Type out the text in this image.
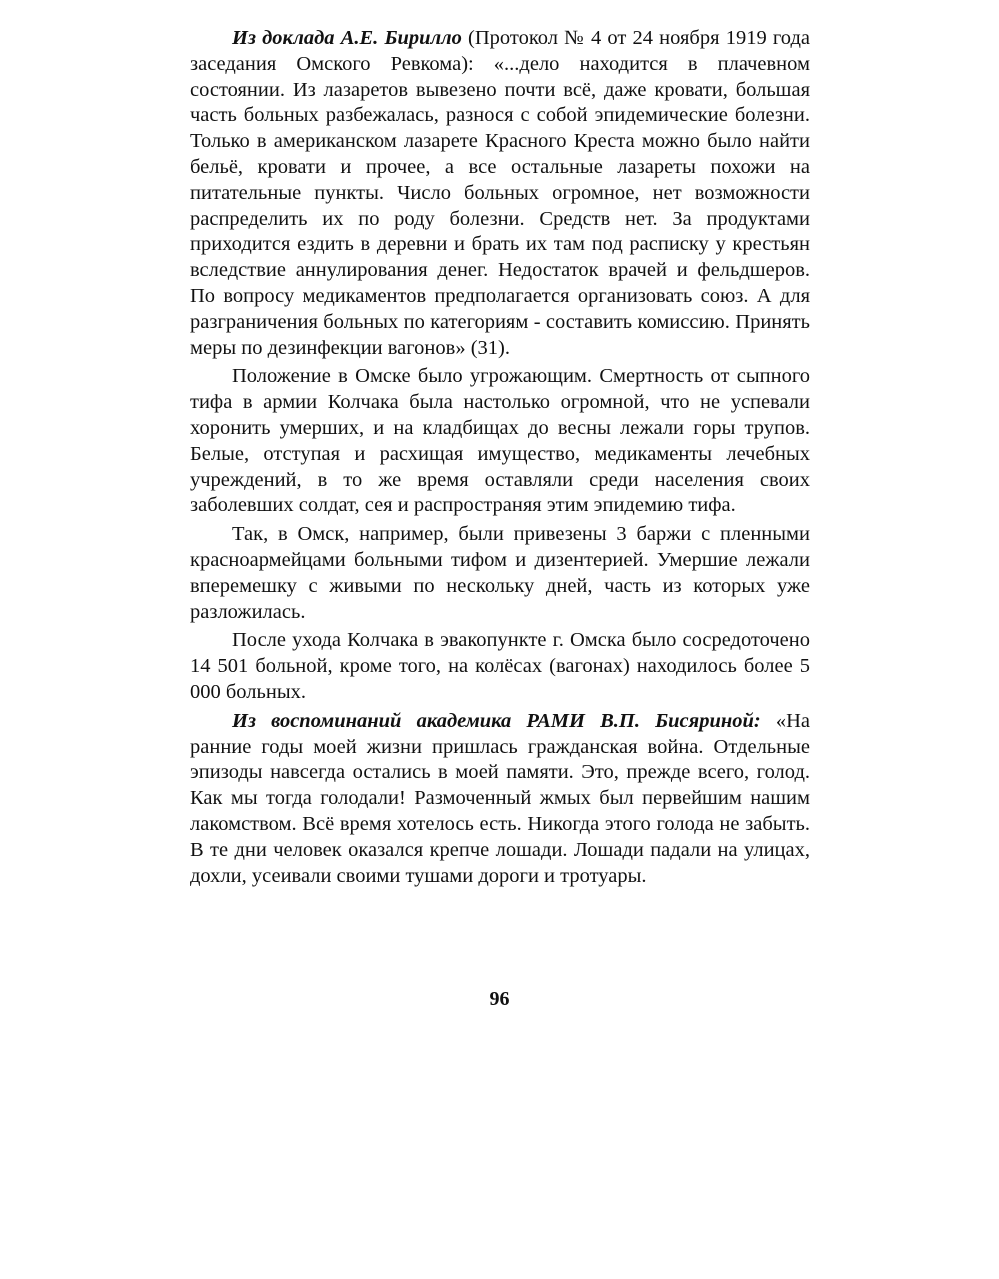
Из доклада А.Е. Бирилло (Протокол № 4 от 24 ноября 1919 года заседания Омского Ревкома): «...дело находится в плачевном состоянии. Из лазаретов вывезено почти всё, даже кровати, большая часть больных разбежалась, разнося с собой эпидемические болезни. Только в американском лазарете Красного Креста можно было найти бельё, кровати и прочее, а все остальные лазареты похожи на питательные пункты. Число больных огромное, нет возможности распределить их по роду болезни. Средств нет. За продуктами приходится ездить в деревни и брать их там под расписку у крестьян вследствие аннулирования денег. Недостаток врачей и фельдшеров. По вопросу медикаментов предполагается организовать союз. А для разграничения больных по категориям - составить комиссию. Принять меры по дезинфекции вагонов» (31).

Положение в Омске было угрожающим. Смертность от сыпного тифа в армии Колчака была настолько огромной, что не успевали хоронить умерших, и на кладбищах до весны лежали горы трупов. Белые, отступая и расхищая имущество, медикаменты лечебных учреждений, в то же время оставляли среди населения своих заболевших солдат, сея и распространяя этим эпидемию тифа.

Так, в Омск, например, были привезены 3 баржи с пленными красноармейцами больными тифом и дизентерией. Умершие лежали вперемешку с живыми по нескольку дней, часть из которых уже разложилась.

После ухода Колчака в эвакопункте г. Омска было сосредоточено 14 501 больной, кроме того, на колёсах (вагонах) находилось более 5 000 больных.

Из воспоминаний академика РАМИ В.П. Бисяриной: «На ранние годы моей жизни пришлась гражданская война. Отдельные эпизоды навсегда остались в моей памяти. Это, прежде всего, голод. Как мы тогда голодали! Размоченный жмых был первейшим нашим лакомством. Всё время хотелось есть. Никогда этого голода не забыть. В те дни человек оказался крепче лошади. Лошади падали на улицах, дохли, усеивали своими тушами дороги и тротуары.

96
